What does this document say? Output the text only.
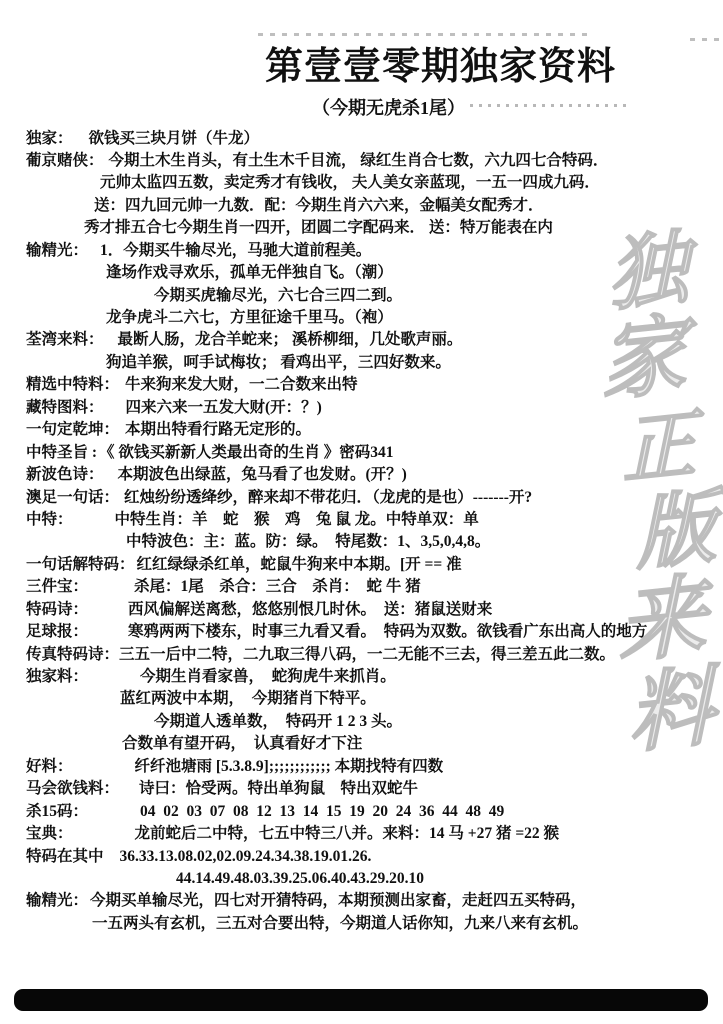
第壹壹零期独家资料
（今期无虎杀1尾）
独家： 欲钱买三块月饼（牛龙）
葡京赌侠： 今期土木生肖头，有土生木千目流， 绿红生肖合七数，六九四七合特码．
元帅太监四五数，卖定秀才有钱收， 夫人美女亲蓝现，一五一四成九码．
送：四九回元帅一九数．配：今期生肖六六来，金幅美女配秀才．
秀才排五合七今期生肖一四开，团圆二字配码来． 送：特万能表在内
输精光： 1．今期买牛输尽光，马驰大道前程美。
逢场作戏寻欢乐，孤单无伴独自飞。（潮）
今期买虎输尽光，六七合三四二到。
龙争虎斗二六七，方里征途千里马。（袍）
荃湾来料： 最断人肠，龙合羊蛇来； 溪桥柳细，几处歌声丽。
狗追羊猴，呵手试梅妆； 看鸡出平，三四好数来。
精选中特料： 牛来狗来发大财，一二合数来出特
藏特图料： 四来六来一五发大财(开：？)
一句定乾坤： 本期出特看行路无定形的。
中特圣旨 : 《 欲钱买新新人类最出奇的生肖 》密码341
新波色诗： 本期波色出绿蓝，兔马看了也发财。(开？)
澳足一句话： 红烛纷纷透绛纱，醉来却不带花归．（龙虎的是也）-------开?
中特：	中特生肖：羊　蛇　猴　鸡　兔 鼠 龙。中特单双：单
中特波色：主：蓝。防：绿。　特尾数：1、3,5,0,4,8。
一句话解特码： 红红绿绿杀红单，蛇鼠牛狗来中本期。[开 == 准
三件宝：	杀尾：1尾　杀合：三合　杀肖：　蛇 牛 猪
特码诗：	西风偏解送离愁，悠悠别恨几时休。　送：猪鼠送财来
足球报：	寒鸦两两下楼东，时事三九看又看。　特码为双数。欲钱看广东出高人的地方
传真特码诗：三五一后中二特，二九取三得八码，一二无能不三去，得三差五此二数。
独家料：	今期生肖看家兽，　蛇狗虎牛来抓肖。
蓝红两波中本期，　今期猪肖下特平。
今期道人透单数，　特码开 1 2 3 头。
合数单有望开码，　认真看好才下注
好料：	纤纤池塘雨 [5.3.8.9];;;;;;;;;;;; 本期找特有四数
马会欲钱料： 诗曰：恰受两。特出单狗鼠　特出双蛇牛
杀15码：	04  02  03  07  08  12  13  14  15  19  20  24  36  44  48  49
宝典：	龙前蛇后二中特，七五中特三八并。来料：14 马 +27 猪 =22 猴
特码在其中 36.33.13.08.02,02.09.24.34.38.19.01.26.
44.14.49.48.03.39.25.06.40.43.29.20.10
输精光： 今期买单输尽光，四七对开猜特码，本期预测出家畜，走赶四五买特码，
一五两头有玄机，三五对合要出特，今期道人话你知，九来八来有玄机。
独
家
正
版
来
料
